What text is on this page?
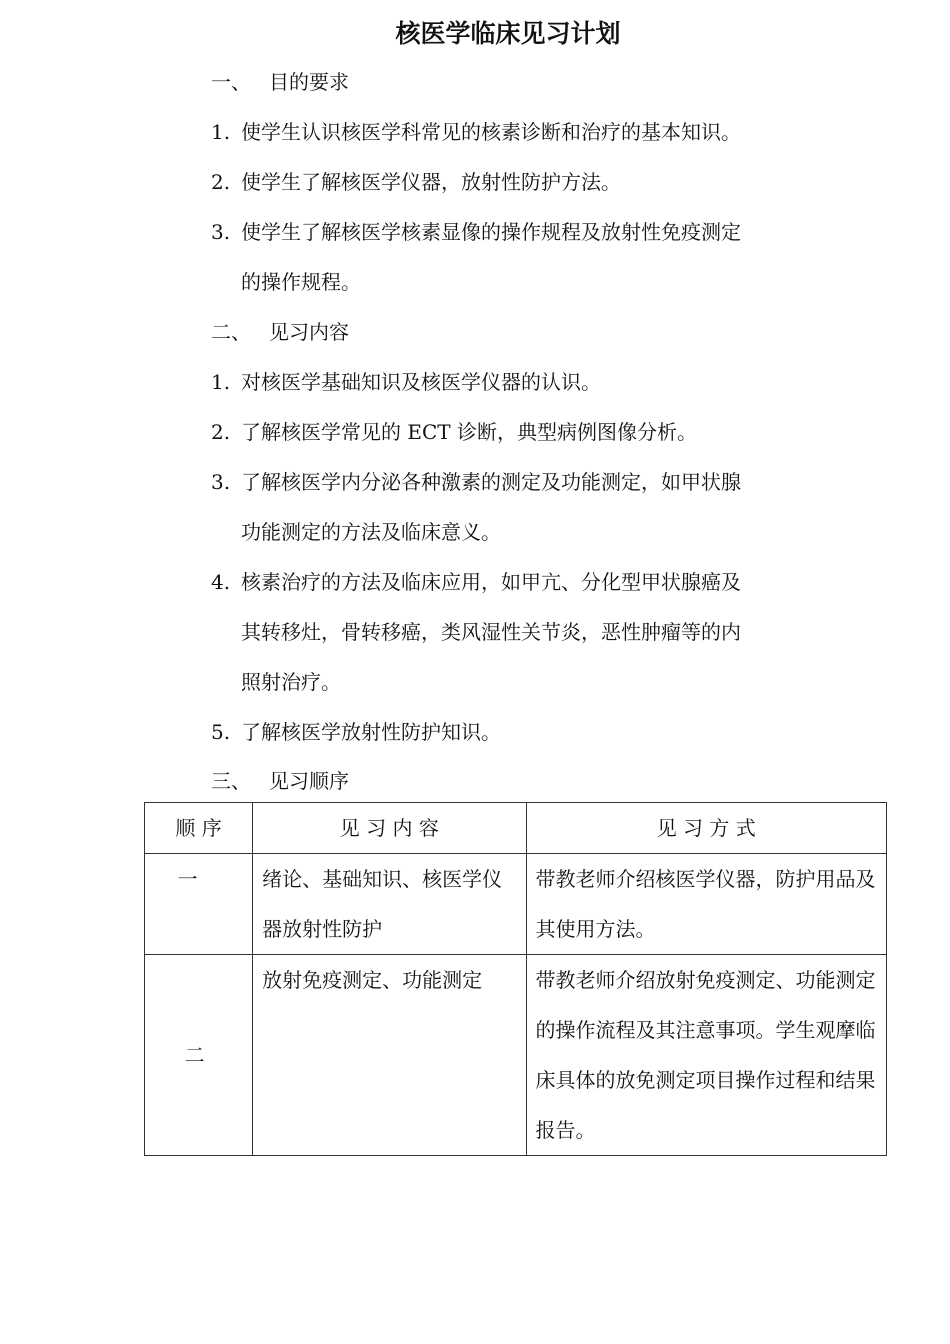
核医学临床见习计划
一、 目的要求
1. 使学生认识核医学科常见的核素诊断和治疗的基本知识。
2. 使学生了解核医学仪器，放射性防护方法。
3. 使学生了解核医学核素显像的操作规程及放射性免疫测定
的操作规程。
二、 见习内容
1. 对核医学基础知识及核医学仪器的认识。
2. 了解核医学常见的 ECT 诊断，典型病例图像分析。
3. 了解核医学内分泌各种激素的测定及功能测定，如甲状腺
功能测定的方法及临床意义。
4. 核素治疗的方法及临床应用，如甲亢、分化型甲状腺癌及
其转移灶，骨转移癌，类风湿性关节炎，恶性肿瘤等的内
照射治疗。
5. 了解核医学放射性防护知识。
三、 见习顺序
顺 序	见 习 内 容	见 习 方 式
一	绪论、基础知识、核医学仪器放射性防护	带教老师介绍核医学仪器，防护用品及其使用方法。
二	放射免疫测定、功能测定	带教老师介绍放射免疫测定、功能测定的操作流程及其注意事项。学生观摩临床具体的放免测定项目操作过程和结果报告。
